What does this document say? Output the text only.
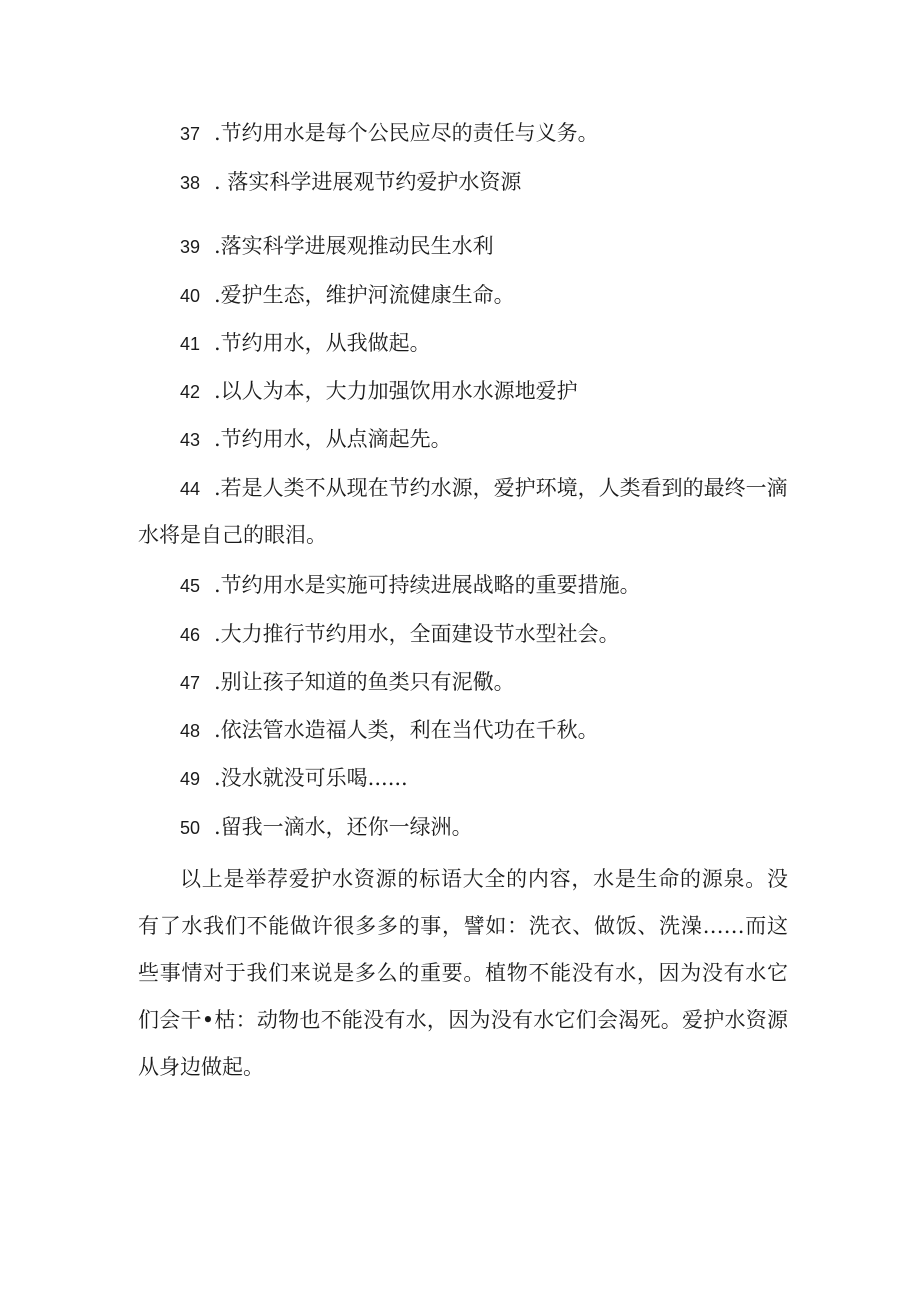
37 .节约用水是每个公民应尽的责任与义务。
38 . 落实科学进展观节约爱护水资源
39 .落实科学进展观推动民生水利
40 .爱护生态，维护河流健康生命。
41 .节约用水，从我做起。
42 .以人为本，大力加强饮用水水源地爱护
43 .节约用水，从点滴起先。
44 .若是人类不从现在节约水源，爱护环境，人类看到的最终一滴水将是自己的眼泪。
45 .节约用水是实施可持续进展战略的重要措施。
46 .大力推行节约用水，全面建设节水型社会。
47 .别让孩子知道的鱼类只有泥儆。
48 .依法管水造福人类，利在当代功在千秋。
49 .没水就没可乐喝......
50 .留我一滴水，还你一绿洲。

以上是举荐爱护水资源的标语大全的内容，水是生命的源泉。没有了水我们不能做许很多多的事，譬如：洗衣、做饭、洗澡……而这些事情对于我们来说是多么的重要。植物不能没有水，因为没有水它们会干•枯：动物也不能没有水，因为没有水它们会渴死。爱护水资源从身边做起。
